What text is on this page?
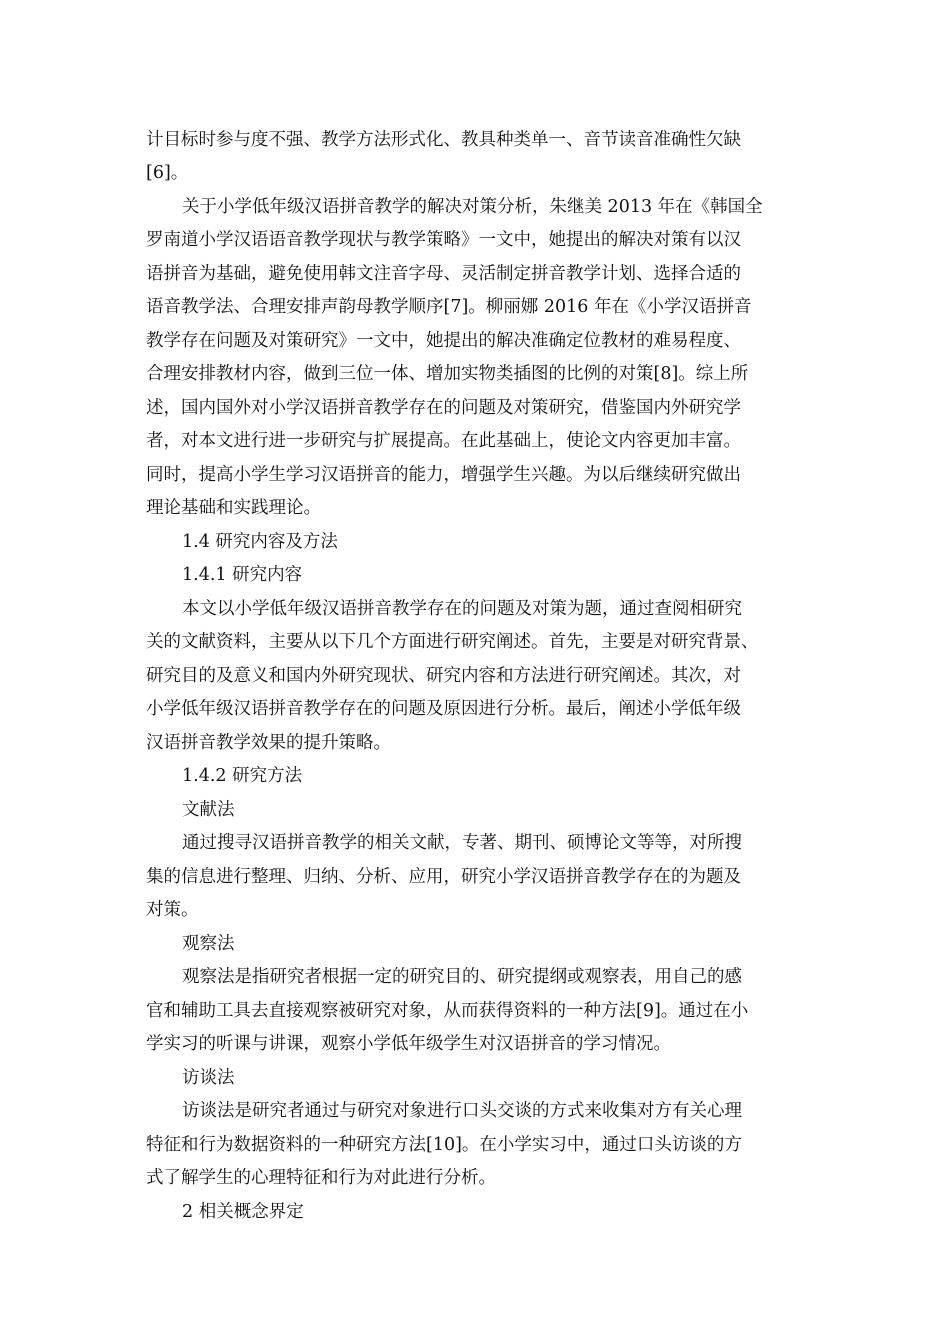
计目标时参与度不强、教学方法形式化、教具种类单一、音节读音准确性欠缺
[6]。
关于小学低年级汉语拼音教学的解决对策分析，朱继美 2013 年在《韩国全
罗南道小学汉语语音教学现状与教学策略》一文中，她提出的解决对策有以汉
语拼音为基础，避免使用韩文注音字母、灵活制定拼音教学计划、选择合适的
语音教学法、合理安排声韵母教学顺序[7]。柳丽娜 2016 年在《小学汉语拼音
教学存在问题及对策研究》一文中，她提出的解决准确定位教材的难易程度、
合理安排教材内容，做到三位一体、增加实物类插图的比例的对策[8]。综上所
述，国内国外对小学汉语拼音教学存在的问题及对策研究，借鉴国内外研究学
者，对本文进行进一步研究与扩展提高。在此基础上，使论文内容更加丰富。
同时，提高小学生学习汉语拼音的能力，增强学生兴趣。为以后继续研究做出
理论基础和实践理论。
1.4 研究内容及方法
1.4.1 研究内容
本文以小学低年级汉语拼音教学存在的问题及对策为题，通过查阅相研究
关的文献资料，主要从以下几个方面进行研究阐述。首先，主要是对研究背景、
研究目的及意义和国内外研究现状、研究内容和方法进行研究阐述。其次，对
小学低年级汉语拼音教学存在的问题及原因进行分析。最后，阐述小学低年级
汉语拼音教学效果的提升策略。
1.4.2 研究方法
文献法
通过搜寻汉语拼音教学的相关文献，专著、期刊、硕博论文等等，对所搜
集的信息进行整理、归纳、分析、应用，研究小学汉语拼音教学存在的为题及
对策。
观察法
观察法是指研究者根据一定的研究目的、研究提纲或观察表，用自己的感
官和辅助工具去直接观察被研究对象，从而获得资料的一种方法[9]。通过在小
学实习的听课与讲课，观察小学低年级学生对汉语拼音的学习情况。
访谈法
访谈法是研究者通过与研究对象进行口头交谈的方式来收集对方有关心理
特征和行为数据资料的一种研究方法[10]。在小学实习中，通过口头访谈的方
式了解学生的心理特征和行为对此进行分析。
2 相关概念界定
